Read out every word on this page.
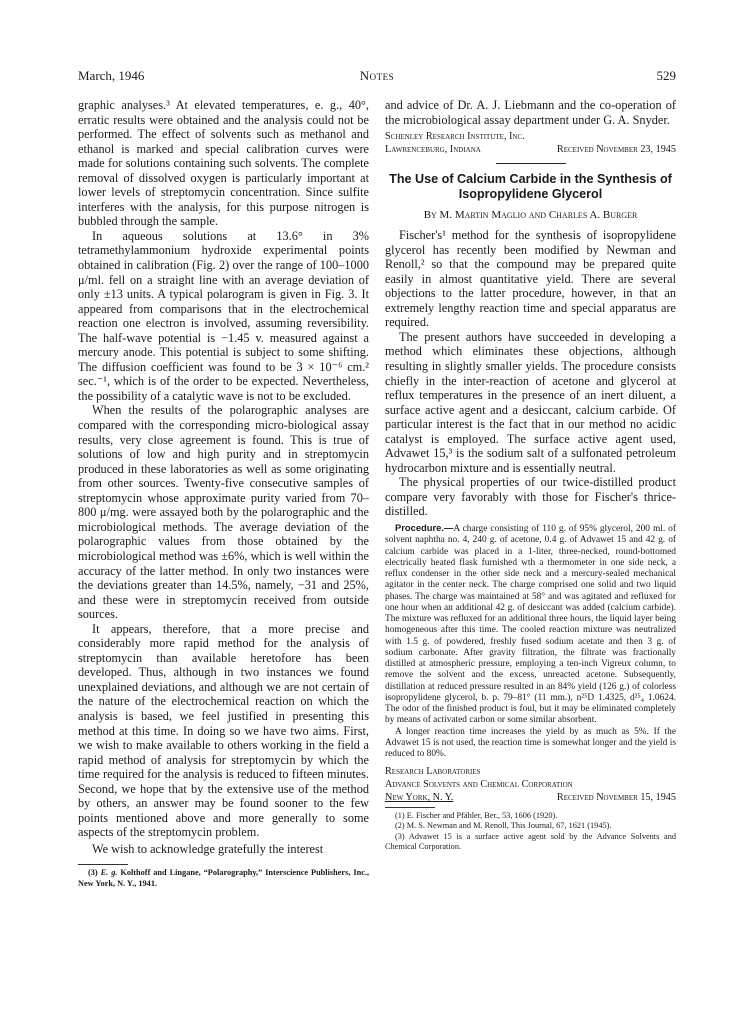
March, 1946	Notes	529

graphic analyses.³ At elevated temperatures, e. g., 40°, erratic results were obtained and the analysis could not be performed. The effect of solvents such as methanol and ethanol is marked and special calibration curves were made for solutions containing such solvents. The complete removal of dissolved oxygen is particularly important at lower levels of streptomycin concentration. Since sulfite interferes with the analysis, for this purpose nitrogen is bubbled through the sample.

In aqueous solutions at 13.6° in 3% tetramethylammonium hydroxide experimental points obtained in calibration (Fig. 2) over the range of 100–1000 μ/ml. fell on a straight line with an average deviation of only ±13 units. A typical polarogram is given in Fig. 3. It appeared from comparisons that in the electrochemical reaction one electron is involved, assuming reversibility. The half-wave potential is −1.45 v. measured against a mercury anode. This potential is subject to some shifting. The diffusion coefficient was found to be 3 × 10⁻⁶ cm.² sec.⁻¹, which is of the order to be expected. Nevertheless, the possibility of a catalytic wave is not to be excluded.

When the results of the polarographic analyses are compared with the corresponding micro-biological assay results, very close agreement is found. This is true of solutions of low and high purity and in streptomycin produced in these laboratories as well as some originating from other sources. Twenty-five consecutive samples of streptomycin whose approximate purity varied from 70–800 μ/mg. were assayed both by the polarographic and the microbiological methods. The average deviation of the polarographic values from those obtained by the microbiological method was ±6%, which is well within the accuracy of the latter method. In only two instances were the deviations greater than 14.5%, namely, −31 and 25%, and these were in streptomycin received from outside sources.

It appears, therefore, that a more precise and considerably more rapid method for the analysis of streptomycin than available heretofore has been developed. Thus, although in two instances we found unexplained deviations, and although we are not certain of the nature of the electrochemical reaction on which the analysis is based, we feel justified in presenting this method at this time. In doing so we have two aims. First, we wish to make available to others working in the field a rapid method of analysis for streptomycin by which the time required for the analysis is reduced to fifteen minutes. Second, we hope that by the extensive use of the method by others, an answer may be found sooner to the few points mentioned above and more generally to some aspects of the streptomycin problem.

We wish to acknowledge gratefully the interest

(3) E. g. Kolthoff and Lingane, “Polarography,” Interscience Publishers, Inc., New York, N. Y., 1941.

and advice of Dr. A. J. Liebmann and the co-operation of the microbiological assay department under G. A. Snyder.

Schenley Research Institute, Inc.
Lawrenceburg, Indiana	Received November 23, 1945
The Use of Calcium Carbide in the Synthesis of Isopropylidene Glycerol
By M. Martin Maglio and Charles A. Burger

Fischer's¹ method for the synthesis of isopropylidene glycerol has recently been modified by Newman and Renoll,² so that the compound may be prepared quite easily in almost quantitative yield. There are several objections to the latter procedure, however, in that an extremely lengthy reaction time and special apparatus are required.

The present authors have succeeded in developing a method which eliminates these objections, although resulting in slightly smaller yields. The procedure consists chiefly in the inter-reaction of acetone and glycerol at reflux temperatures in the presence of an inert diluent, a surface active agent and a desiccant, calcium carbide. Of particular interest is the fact that in our method no acidic catalyst is employed. The surface active agent used, Advawet 15,³ is the sodium salt of a sulfonated petroleum hydrocarbon mixture and is essentially neutral.

The physical properties of our twice-distilled product compare very favorably with those for Fischer's thrice-distilled.

Procedure.—A charge consisting of 110 g. of 95% glycerol, 200 ml. of solvent naphtha no. 4, 240 g. of acetone, 0.4 g. of Advawet 15 and 42 g. of calcium carbide was placed in a 1-liter, three-necked, round-bottomed electrically heated flask furnished wth a thermometer in one side neck, a reflux condenser in the other side neck and a mercury-sealed mechanical agitator in the center neck. The charge comprised one solid and two liquid phases. The charge was maintained at 58° and was agitated and refluxed for one hour when an additional 42 g. of desiccant was added (calcium carbide). The mixture was refluxed for an additional three hours, the liquid layer being homogeneous after this time. The cooled reaction mixture was neutralized with 1.5 g. of powdered, freshly fused sodium acetate and then 3 g. of sodium carbonate. After gravity filtration, the filtrate was fractionally distilled at atmospheric pressure, employing a ten-inch Vigreux column, to remove the solvent and the excess, unreacted acetone. Subsequently, distillation at reduced pressure resulted in an 84% yield (126 g.) of colorless isopropylidene glycerol, b. p. 79–81° (11 mm.), n²⁵D 1.4325, d²⁵₄ 1.0624. The odor of the finished product is foul, but it may be eliminated completely by means of activated carbon or some similar absorbent.
A longer reaction time increases the yield by as much as 5%. If the Advawet 15 is not used, the reaction time is somewhat longer and the yield is reduced to 80%.
Research Laboratories
Advance Solvents and Chemical Corporation
New York, N. Y.	Received November 15, 1945
(1) E. Fischer and Pfähler, Ber., 53, 1606 (1920).
(2) M. S. Newman and M. Renoll, This Journal, 67, 1621 (1945).
(3) Advawet 15 is a surface active agent sold by the Advance Solvents and Chemical Corporation.
